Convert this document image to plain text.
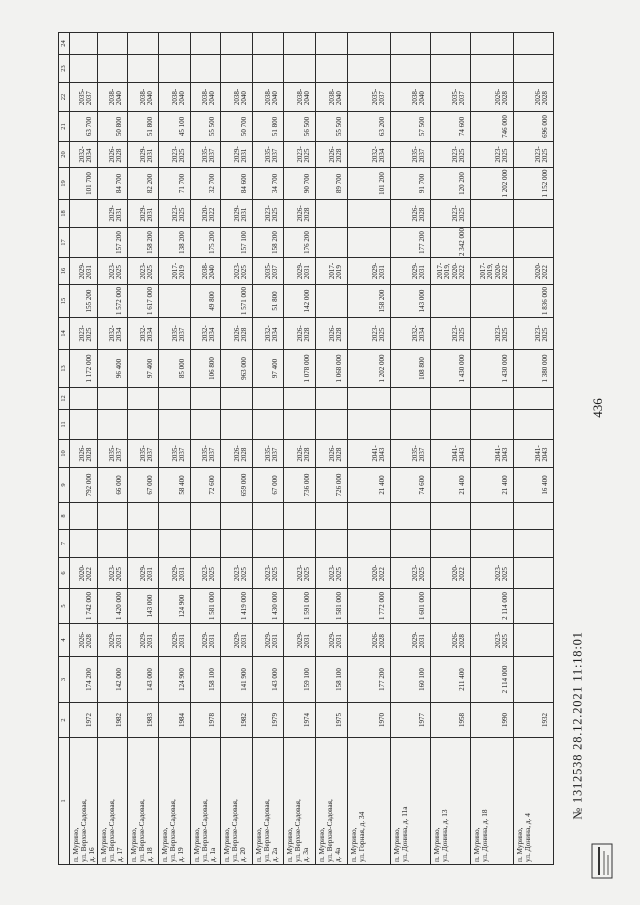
1	2	3	4	5	6	7	8	9	10	11	12	13	14	15	16	17	18	19	20	21	22	23	24
п. Мурино,
ул. Верхне-Садовая,
д. 16	1972	174 200	2026- 2028	1 742 000	2020- 2022			792 000	2026- 2028			1 172 000	2023- 2025	155 200	2029- 2031			101 700	2032- 2034	63 700	2035- 2037		

п. Мурино,
ул. Верхне-Садовая,
д. 17	1982	142 000	2029- 2031	1 420 000	2023- 2025			66 000	2035- 2037			96 400	2032- 2034	1 572 000	2023- 2025	157 200	2029- 2031	84 700	2026- 2028	50 800	2038- 2040		

п. Мурино,
ул. Верхне-Садовая,
д. 18	1983	143 000	2029- 2031	143 000	2029- 2031			67 000	2035- 2037			97 400	2032- 2034	1 617 000	2023- 2025	158 200	2029- 2031	82 200	2029- 2031	51 800	2038- 2040		

п. Мурино,
ул. Верхне-Садовая,
д. 19	1984	124 900	2029- 2031	124 900	2029- 2031			58 400	2035- 2037			85 000	2035- 2037		2017- 2019	138 200	2023- 2025	71 700	2023- 2025	45 100	2038- 2040		

п. Мурино,
ул. Верхне-Садовая,
д. 1а	1978	158 100	2029- 2031	1 581 000	2023- 2025			72 600	2035- 2037			106 800	2032- 2034	49 800	2038- 2040	175 200	2020- 2022	32 700	2035- 2037	55 500	2038- 2040		

п. Мурино,
ул. Верхне-Садовая,
д. 20	1982	141 900	2029- 2031	1 419 000	2023- 2025			659 000	2026- 2028			963 000	2026- 2028	1 571 000	2023- 2025	157 100	2029- 2031	84 600	2029- 2031	50 700	2038- 2040		

п. Мурино,
ул. Верхне-Садовая,
д. 2а	1979	143 000	2029- 2031	1 430 000	2023- 2025			67 000	2035- 2037			97 400	2032- 2034	51 800	2035- 2037	158 200	2023- 2025	34 700	2035- 2037	51 800	2038- 2040		

п. Мурино,
ул. Верхне-Садовая,
д. 3а	1974	159 100	2029- 2031	1 591 000	2023- 2025			736 000	2026- 2028			1 078 000	2026- 2028	142 000	2029- 2031	176 200	2026- 2028	90 700	2023- 2025	56 500	2038- 2040		

п. Мурино,
ул. Верхне-Садовая,
д. 4а	1975	158 100	2029- 2031	1 581 000	2023- 2025			726 000	2026- 2028			1 068 000	2026- 2028		2017- 2019			89 700	2026- 2028	55 500	2038- 2040		

п. Мурино,
ул. Горная, д. 34	1970	177 200	2026- 2028	1 772 000	2020- 2022			21 400	2041- 2043			1 202 000	2023- 2025	158 200	2029- 2031			101 200	2032- 2034	63 200	2035- 2037		

п. Мурино,
ул. Донина, д. 11а	1977	160 100	2029- 2031	1 601 000	2023- 2025			74 600	2035- 2037			108 800	2032- 2034	143 000	2029- 2031	177 200	2026- 2028	91 700	2035- 2037	57 500	2038- 2040		

п. Мурино,
ул. Донина, д. 13	1958	211 400	2026- 2028		2020- 2022			21 400	2041- 2043			1 430 000	2023- 2025		2017- 2019, 2020- 2022	2 342 000	2023- 2025	120 200	2023- 2025	74 600	2035- 2037		

п. Мурино,
ул. Донина, д. 18	1990	2 114 000	2023- 2025	2 114 000	2023- 2025			21 400	2041- 2043			1 430 000	2023- 2025		2017- 2019, 2020- 2022			1 202 000	2023- 2025	746 000	2026- 2028		

п. Мурино,
ул. Донина, д. 4	1932							16 400	2041- 2043			1 380 000	2023- 2025	1 836 000	2020- 2022			1 152 000	2023- 2025	696 000	2026- 2028		

436
№ 1312538 28.12.2021 11:18:01
